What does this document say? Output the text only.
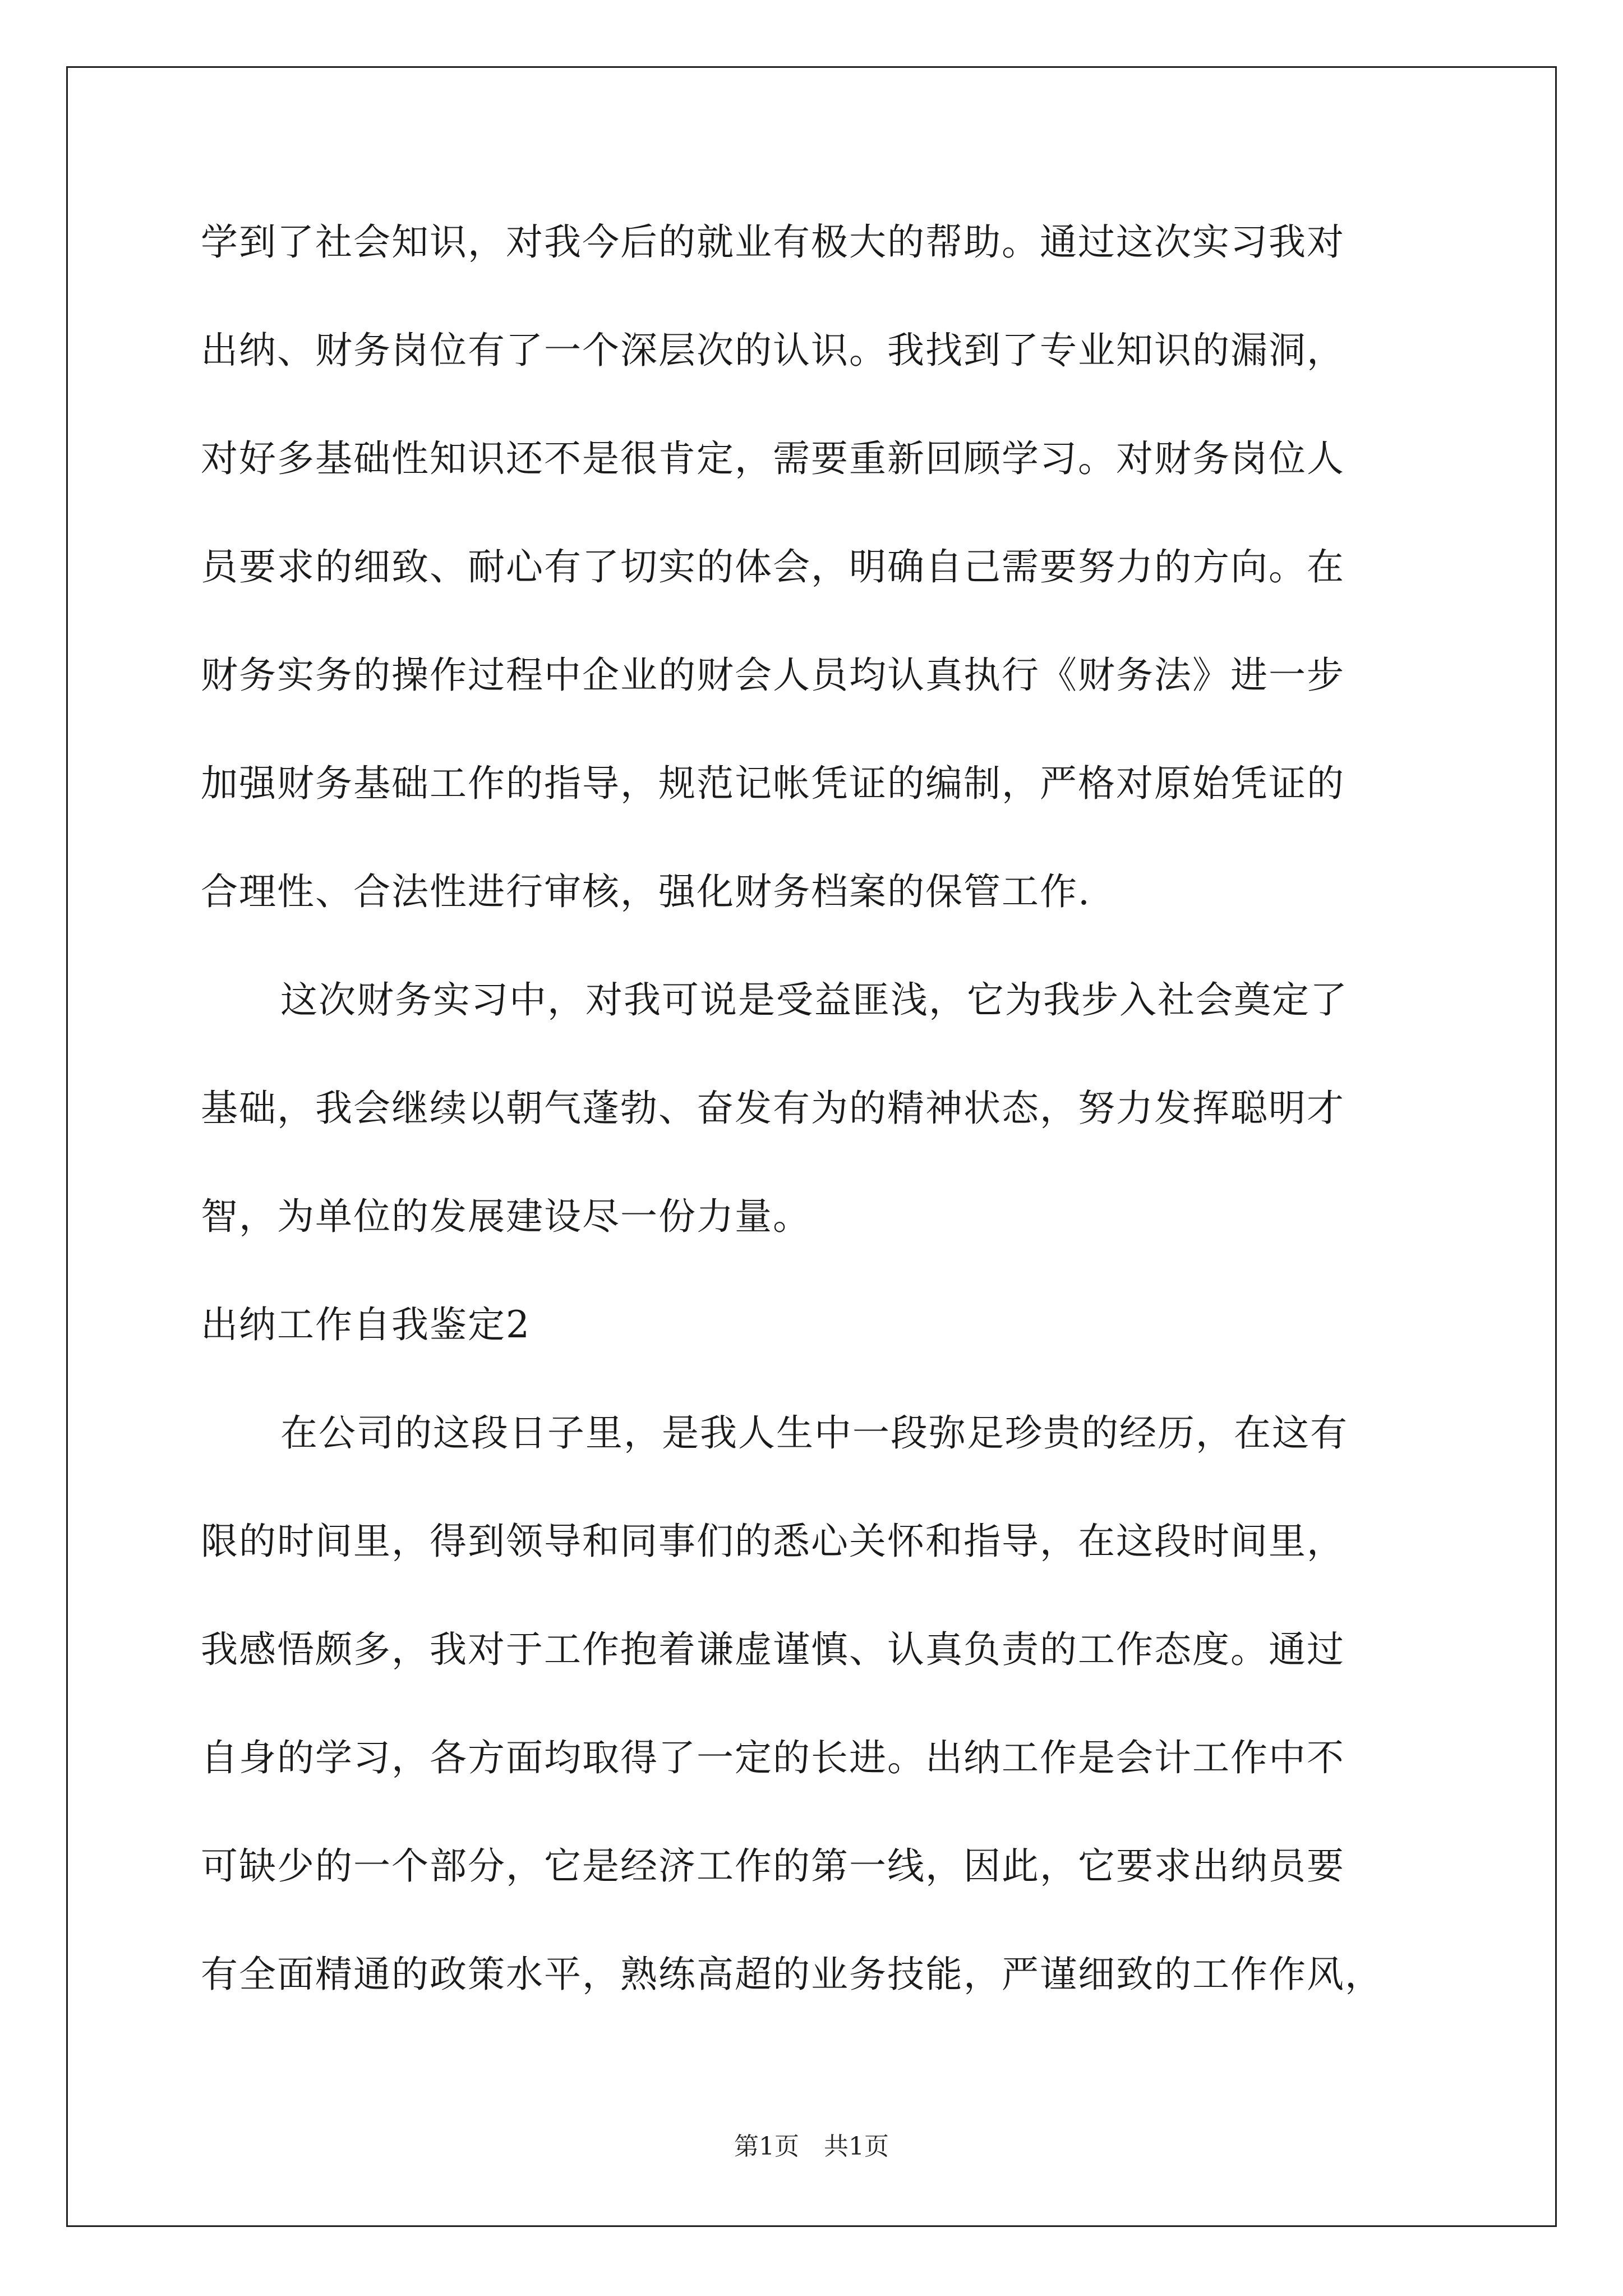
学到了社会知识，对我今后的就业有极大的帮助。通过这次实习我对
出纳、财务岗位有了一个深层次的认识。我找到了专业知识的漏洞，
对好多基础性知识还不是很肯定，需要重新回顾学习。对财务岗位人
员要求的细致、耐心有了切实的体会，明确自己需要努力的方向。在
财务实务的操作过程中企业的财会人员均认真执行《财务法》进一步
加强财务基础工作的指导，规范记帐凭证的编制，严格对原始凭证的
合理性、合法性进行审核，强化财务档案的保管工作.
这次财务实习中，对我可说是受益匪浅，它为我步入社会奠定了
基础，我会继续以朝气蓬勃、奋发有为的精神状态，努力发挥聪明才
智，为单位的发展建设尽一份力量。
出纳工作自我鉴定2
在公司的这段日子里，是我人生中一段弥足珍贵的经历，在这有
限的时间里，得到领导和同事们的悉心关怀和指导，在这段时间里，
我感悟颇多，我对于工作抱着谦虚谨慎、认真负责的工作态度。通过
自身的学习，各方面均取得了一定的长进。出纳工作是会计工作中不
可缺少的一个部分，它是经济工作的第一线，因此，它要求出纳员要
有全面精通的政策水平，熟练高超的业务技能，严谨细致的工作作风，
第1页 共1页
